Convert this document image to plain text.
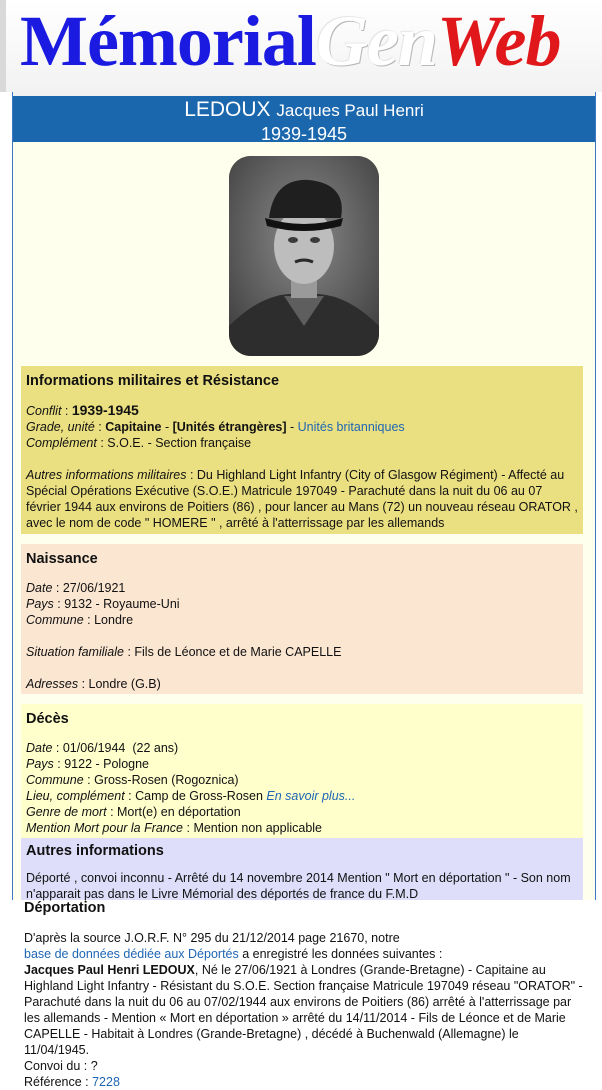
MémorialGenWeb
LEDOUX Jacques Paul Henri
1939-1945
Informations militaires et Résistance
Conflit : 1939-1945
Grade, unité : Capitaine - [Unités étrangères] - Unités britanniques
Complément : S.O.E. - Section française
Autres informations militaires : Du Highland Light Infantry (City of Glasgow Régiment) - Affecté au Spécial Opérations Exécutive (S.O.E.) Matricule 197049 - Parachuté dans la nuit du 06 au 07 février 1944 aux environs de Poitiers (86) , pour lancer au Mans (72) un nouveau réseau ORATOR , avec le nom de code " HOMERE " , arrêté à l'atterrissage par les allemands
Naissance
Date : 27/06/1921
Pays : 9132 - Royaume-Uni
Commune : Londre
Situation familiale : Fils de Léonce et de Marie CAPELLE
Adresses : Londre (G.B)
Décès
Date : 01/06/1944  (22 ans)
Pays : 9122 - Pologne
Commune : Gross-Rosen (Rogoznica)
Lieu, complément : Camp de Gross-Rosen En savoir plus...
Genre de mort : Mort(e) en déportation
Mention Mort pour la France : Mention non applicable
Autres informations
Déporté , convoi inconnu - Arrêté du 14 novembre 2014 Mention " Mort en déportation " - Son nom n'apparait pas dans le Livre Mémorial des déportés de france du F.M.D
Déportation

D'après la source J.O.R.F. N° 295 du 21/12/2014 page 21670, notre
base de données dédiée aux Déportés a enregistré les données suivantes :

Jacques Paul Henri LEDOUX, Né le 27/06/1921 à Londres (Grande-Bretagne) - Capitaine au Highland Light Infantry - Résistant du S.O.E. Section française Matricule 197049 réseau "ORATOR" - Parachuté dans la nuit du 06 au 07/02/1944 aux environs de Poitiers (86) arrêté à l'atterrissage par les allemands - Mention « Mort en déportation » arrêté du 14/11/2014 - Fils de Léonce et de Marie CAPELLE - Habitait à Londres (Grande-Bretagne) , décédé à Buchenwald (Allemagne) le 11/04/1945.

Convoi du : ?

Référence : 7228
